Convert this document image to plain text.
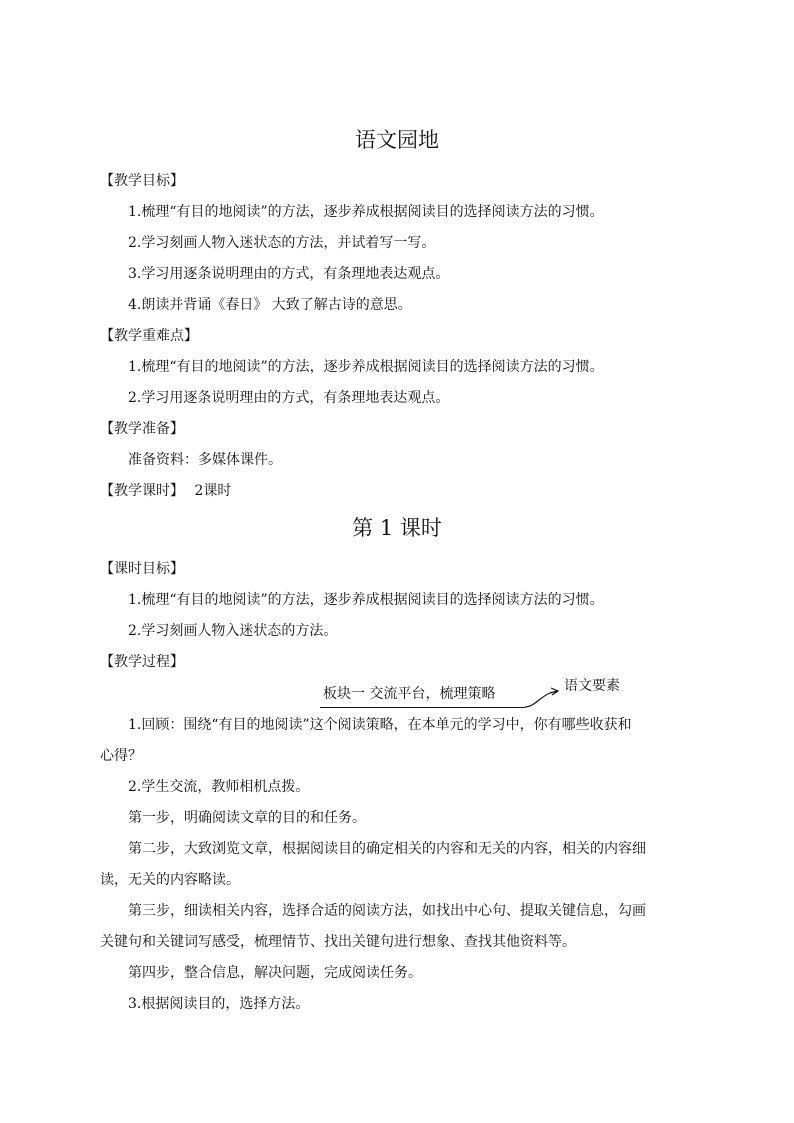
语文园地
【教学目标】
1.梳理“有目的地阅读”的方法，逐步养成根据阅读目的选择阅读方法的习惯。
2.学习刻画人物入迷状态的方法，并试着写一写。
3.学习用逐条说明理由的方式，有条理地表达观点。
4.朗读并背诵《春日》 大致了解古诗的意思。
【教学重难点】
1.梳理“有目的地阅读”的方法，逐步养成根据阅读目的选择阅读方法的习惯。
2.学习用逐条说明理由的方式，有条理地表达观点。
【教学准备】
准备资料：多媒体课件。
【教学课时】 2课时
第 1 课时
【课时目标】
1.梳理“有目的地阅读”的方法，逐步养成根据阅读目的选择阅读方法的习惯。
2.学习刻画人物入迷状态的方法。
【教学过程】
板块一 交流平台，梳理策略	语文要素
1.回顾：围绕“有目的地阅读”这个阅读策略，在本单元的学习中，你有哪些收获和
心得？
2.学生交流，教师相机点拨。
第一步，明确阅读文章的目的和任务。
第二步，大致浏览文章，根据阅读目的确定相关的内容和无关的内容，相关的内容细
读，无关的内容略读。
第三步，细读相关内容，选择合适的阅读方法，如找出中心句、提取关键信息，勾画
关键句和关键词写感受，梳理情节、找出关键句进行想象、查找其他资料等。
第四步，整合信息，解决问题，完成阅读任务。
3.根据阅读目的，选择方法。
